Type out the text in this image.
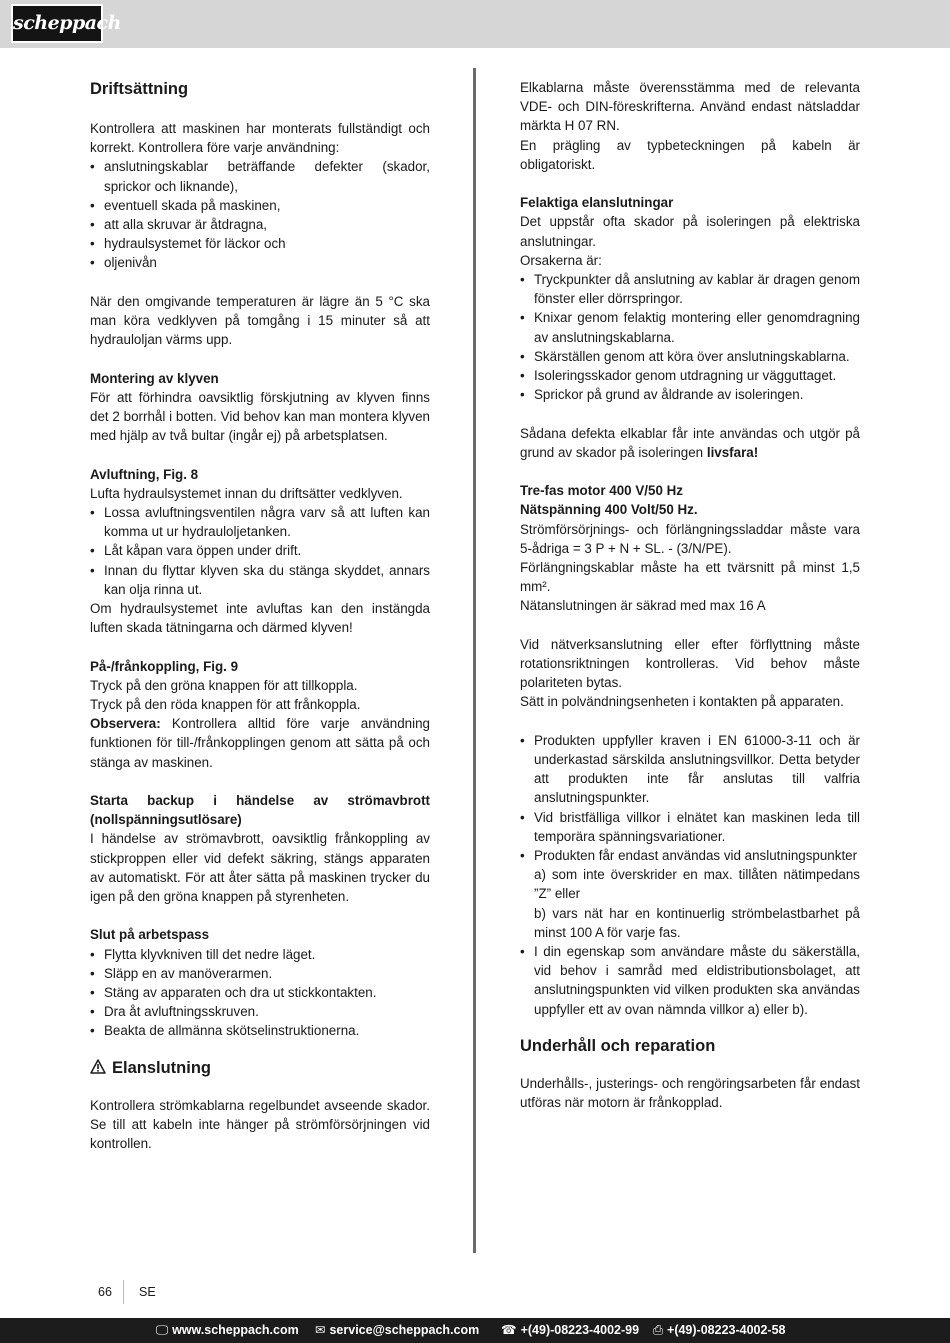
scheppach
Driftsättning

Kontrollera att maskinen har monterats fullständigt och korrekt. Kontrollera före varje användning:

• anslutningskablar beträffande defekter (skador, sprickor och liknande),
• eventuell skada på maskinen,
• att alla skruvar är åtdragna,
• hydraulsystemet för läckor och
• oljenivån

När den omgivande temperaturen är lägre än 5 °C ska man köra vedklyven på tomgång i 15 minuter så att hydrauloljan värms upp.

Montering av klyven

För att förhindra oavsiktlig förskjutning av klyven finns det 2 borrhål i botten. Vid behov kan man montera klyven med hjälp av två bultar (ingår ej) på arbetsplatsen.

Avluftning, Fig. 8

Lufta hydraulsystemet innan du driftsätter vedklyven.

• Lossa avluftningsventilen några varv så att luften kan komma ut ur hydrauloljetanken.
• Låt kåpan vara öppen under drift.
• Innan du flyttar klyven ska du stänga skyddet, annars kan olja rinna ut.

Om hydraulsystemet inte avluftas kan den instängda luften skada tätningarna och därmed klyven!

På-/frånkoppling, Fig. 9

Tryck på den gröna knappen för att tillkoppla.

Tryck på den röda knappen för att frånkoppla.

Observera: Kontrollera alltid före varje användning funktionen för till-/frånkopplingen genom att sätta på och stänga av maskinen.

Starta backup i händelse av strömavbrott (nollspänningsutlösare)

I händelse av strömavbrott, oavsiktlig frånkoppling av stickproppen eller vid defekt säkring, stängs apparaten av automatiskt. För att åter sätta på maskinen trycker du igen på den gröna knappen på styrenheten.

Slut på arbetspass
• Flytta klyvkniven till det nedre läget.
• Släpp en av manöverarmen.
• Stäng av apparaten och dra ut stickkontakten.
• Dra åt avluftningsskruven.
• Beakta de allmänna skötselinstruktionerna.
Elanslutning

Kontrollera strömkablarna regelbundet avseende skador. Se till att kabeln inte hänger på strömförsörjningen vid kontrollen.

Elkablarna måste överensstämma med de relevanta VDE- och DIN-föreskrifterna. Använd endast nätsladdar märkta H 07 RN.

En prägling av typbeteckningen på kabeln är obligatoriskt.

Felaktiga elanslutningar

Det uppstår ofta skador på isoleringen på elektriska anslutningar.

Orsakerna är:

• Tryckpunkter då anslutning av kablar är dragen genom fönster eller dörrspringor.
• Knixar genom felaktig montering eller genomdragning av anslutningskablarna.
• Skärställen genom att köra över anslutningskablarna.
• Isoleringsskador genom utdragning ur vägguttaget.
• Sprickor på grund av åldrande av isoleringen.

Sådana defekta elkablar får inte användas och utgör på grund av skador på isoleringen livsfara!

Tre-fas motor 400 V/50 Hz
Nätspänning 400 Volt/50 Hz.

Strömförsörjnings- och förlängningssladdar måste vara 5-ådriga = 3 P + N + SL. - (3/N/PE).

Förlängningskablar måste ha ett tvärsnitt på minst 1,5 mm².

Nätanslutningen är säkrad med max 16 A

Vid nätverksanslutning eller efter förflyttning måste rotationsriktningen kontrolleras. Vid behov måste polariteten bytas.

Sätt in polvändningsenheten i kontakten på apparaten.

• Produkten uppfyller kraven i EN 61000-3-11 och är underkastad särskilda anslutningsvillkor. Detta betyder att produkten inte får anslutas till valfria anslutningspunkter.
• Vid bristfälliga villkor i elnätet kan maskinen leda till temporära spänningsvariationer.
• Produkten får endast användas vid anslutningspunkter
a) som inte överskrider en max. tillåten nätimpedans ”Z” eller
b) vars nät har en kontinuerlig strömbelastbarhet på minst 100 A för varje fas.
• I din egenskap som användare måste du säkerställa, vid behov i samråd med eldistributionsbolaget, att anslutningspunkten vid vilken produkten ska användas uppfyller ett av ovan nämnda villkor a) eller b).
Underhåll och reparation

Underhålls-, justerings- och rengöringsarbeten får endast utföras när motorn är frånkopplad.

66 SE
🖵 www.scheppach.com ✉ service@scheppach.com ☎ +(49)-08223-4002-99 ⎙ +(49)-08223-4002-58
